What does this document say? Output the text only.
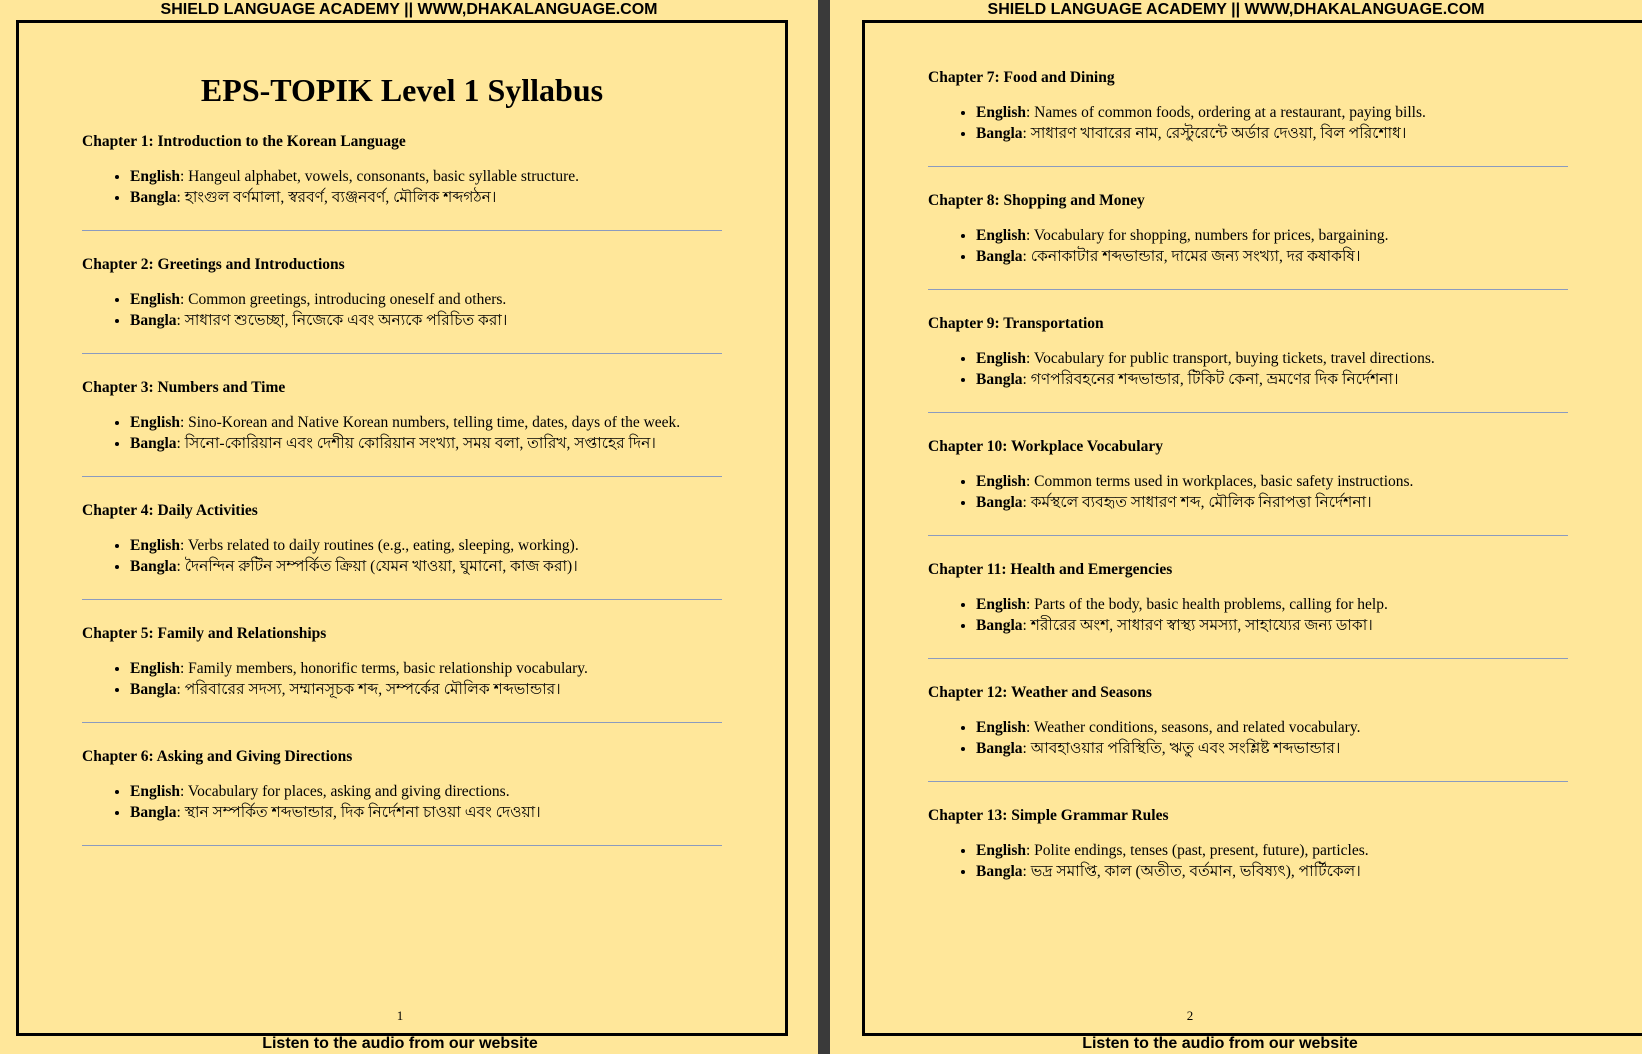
SHIELD LANGUAGE ACADEMY || WWW,DHAKALANGUAGE.COM
EPS-TOPIK Level 1 Syllabus
Chapter 1: Introduction to the Korean Language
• English: Hangeul alphabet, vowels, consonants, basic syllable structure.
• Bangla: হাংগুল বর্ণমালা, স্বরবর্ণ, ব্যঞ্জনবর্ণ, মৌলিক শব্দগঠন।
Chapter 2: Greetings and Introductions
• English: Common greetings, introducing oneself and others.
• Bangla: সাধারণ শুভেচ্ছা, নিজেকে এবং অন্যকে পরিচিত করা।
Chapter 3: Numbers and Time
• English: Sino-Korean and Native Korean numbers, telling time, dates, days of the week.
• Bangla: সিনো-কোরিয়ান এবং দেশীয় কোরিয়ান সংখ্যা, সময় বলা, তারিখ, সপ্তাহের দিন।
Chapter 4: Daily Activities
• English: Verbs related to daily routines (e.g., eating, sleeping, working).
• Bangla: দৈনন্দিন রুটিন সম্পর্কিত ক্রিয়া (যেমন খাওয়া, ঘুমানো, কাজ করা)।
Chapter 5: Family and Relationships
• English: Family members, honorific terms, basic relationship vocabulary.
• Bangla: পরিবারের সদস্য, সম্মানসূচক শব্দ, সম্পর্কের মৌলিক শব্দভান্ডার।
Chapter 6: Asking and Giving Directions
• English: Vocabulary for places, asking and giving directions.
• Bangla: স্থান সম্পর্কিত শব্দভান্ডার, দিক নির্দেশনা চাওয়া এবং দেওয়া।
1
Listen to the audio from our website
SHIELD LANGUAGE ACADEMY || WWW,DHAKALANGUAGE.COM
Chapter 7: Food and Dining
• English: Names of common foods, ordering at a restaurant, paying bills.
• Bangla: সাধারণ খাবারের নাম, রেস্টুরেন্টে অর্ডার দেওয়া, বিল পরিশোধ।
Chapter 8: Shopping and Money
• English: Vocabulary for shopping, numbers for prices, bargaining.
• Bangla: কেনাকাটার শব্দভান্ডার, দামের জন্য সংখ্যা, দর কষাকষি।
Chapter 9: Transportation
• English: Vocabulary for public transport, buying tickets, travel directions.
• Bangla: গণপরিবহনের শব্দভান্ডার, টিকিট কেনা, ভ্রমণের দিক নির্দেশনা।
Chapter 10: Workplace Vocabulary
• English: Common terms used in workplaces, basic safety instructions.
• Bangla: কর্মস্থলে ব্যবহৃত সাধারণ শব্দ, মৌলিক নিরাপত্তা নির্দেশনা।
Chapter 11: Health and Emergencies
• English: Parts of the body, basic health problems, calling for help.
• Bangla: শরীরের অংশ, সাধারণ স্বাস্থ্য সমস্যা, সাহায্যের জন্য ডাকা।
Chapter 12: Weather and Seasons
• English: Weather conditions, seasons, and related vocabulary.
• Bangla: আবহাওয়ার পরিস্থিতি, ঋতু এবং সংশ্লিষ্ট শব্দভান্ডার।
Chapter 13: Simple Grammar Rules
• English: Polite endings, tenses (past, present, future), particles.
• Bangla: ভদ্র সমাপ্তি, কাল (অতীত, বর্তমান, ভবিষ্যৎ), পার্টিকেল।
2
Listen to the audio from our website
